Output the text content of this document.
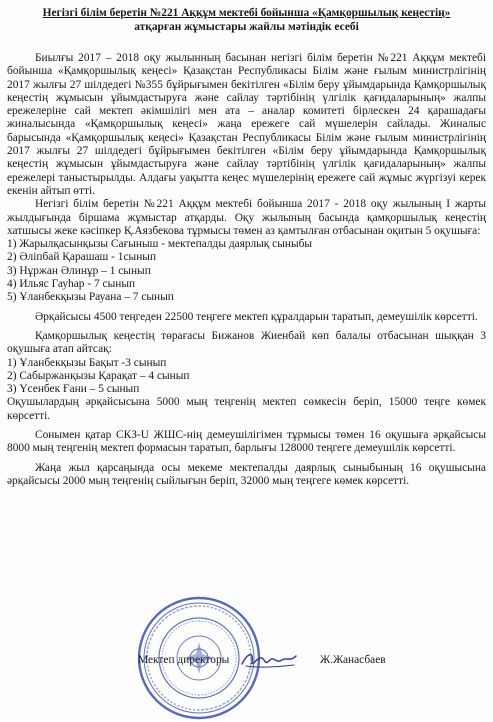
Негізгі білім беретін №221 Аққұм мектебі бойынша «Қамқоршылық кеңестің»
атқарған жұмыстары жайлы мәтіндік есебі

Биылғы 2017 – 2018 оқу жылынның басынан негізгі білім беретін №221 Аққұм мектебі бойынша «Қамқоршылық кеңесі» Қазақстан Республикасы Білім және ғылым министрлігінің 2017 жылғы 27 шілдедегі №355 бұйрығымен бекітілген «Білім беру ұйымдарында Қамқоршылық кеңестің жұмысын ұйымдастыруға және сайлау тәртібінің үлгілік қағидаларының» жалпы ережелеріне сай мектеп әкімшілігі мен ата – аналар комитеті бірлескен 24 қарашадағы жиналысында «Қамқоршылық кеңесі» жаңа ережеге сай мүшелерін сайлады. Жиналыс барысында «Қамқоршылық кеңесі» Қазақстан Республикасы Білім және ғылым министрлігінің 2017 жылғы 27 шілдедегі бұйрығымен бекітілген «Білім беру ұйымдарында Қамқоршылық кеңестің жұмысын ұйымдастыруға және сайлау тәртібінің үлгілік қағидаларының» жалпы ережелері таныстырылды. Алдағы уақытта кеңес мүшелерінің ережеге сай жұмыс жүргізуі керек екенін айтып өтті.

Негізгі білім беретін №221 Аққұм мектебі бойынша 2017 - 2018 оқу жылының I жарты жылдығында біршама жұмыстар атқарды. Оқу жылының басында қамқоршылық кеңестің хатшысы жеке кәсіпкер Қ.Аязбекова тұрмысы төмен аз қамтылған отбасынан оқитын 5 оқушыға:

1) Жарылқасынқызы Сағыныш - мектепалды даярлық сыныбы
2) Әлiпбай Қарашаш - 1сынып
3) Нұржан Әлинұр – 1 сынып
4) Ильяс Гауһар - 7 сынып
5) Ұланбекқызы Рауана – 7 сынып

Әрқайсысы 4500 теңгеден 22500 теңгеге мектеп құралдарын таратып, демеушілік көрсетті.

Қамқоршылық кеңестің төрағасы Бижанов Жиенбай көп балалы отбасынан шыққан 3 оқушыға атап айтсақ:

1) Ұланбекқызы Бақыт -3 сынып
2) Сабыржанқызы Қарақат – 4 сынып
3) Үсенбек Ғани – 5 сынып

Оқушылардың әрқайсысына 5000 мың теңгенің мектеп сөмкесін беріп, 15000 теңге көмек көрсетті.

Сонымен қатар СКЗ-U ЖШС-нің демеушілігімен тұрмысы төмен 16 оқушыға әрқайсысы 8000 мың теңгенің мектеп формасын таратып, барлығы 128000 теңгеге демеушілік көрсетті.

Жаңа жыл қарсаңында осы мекеме мектепалды даярлық сыныбының 16 оқушысына әрқайсысы 2000 мың теңгенің сыйлығын беріп, 32000 мың теңгеге көмек көрсетті.

Мектеп директоры	Ж.Жанасбаев
